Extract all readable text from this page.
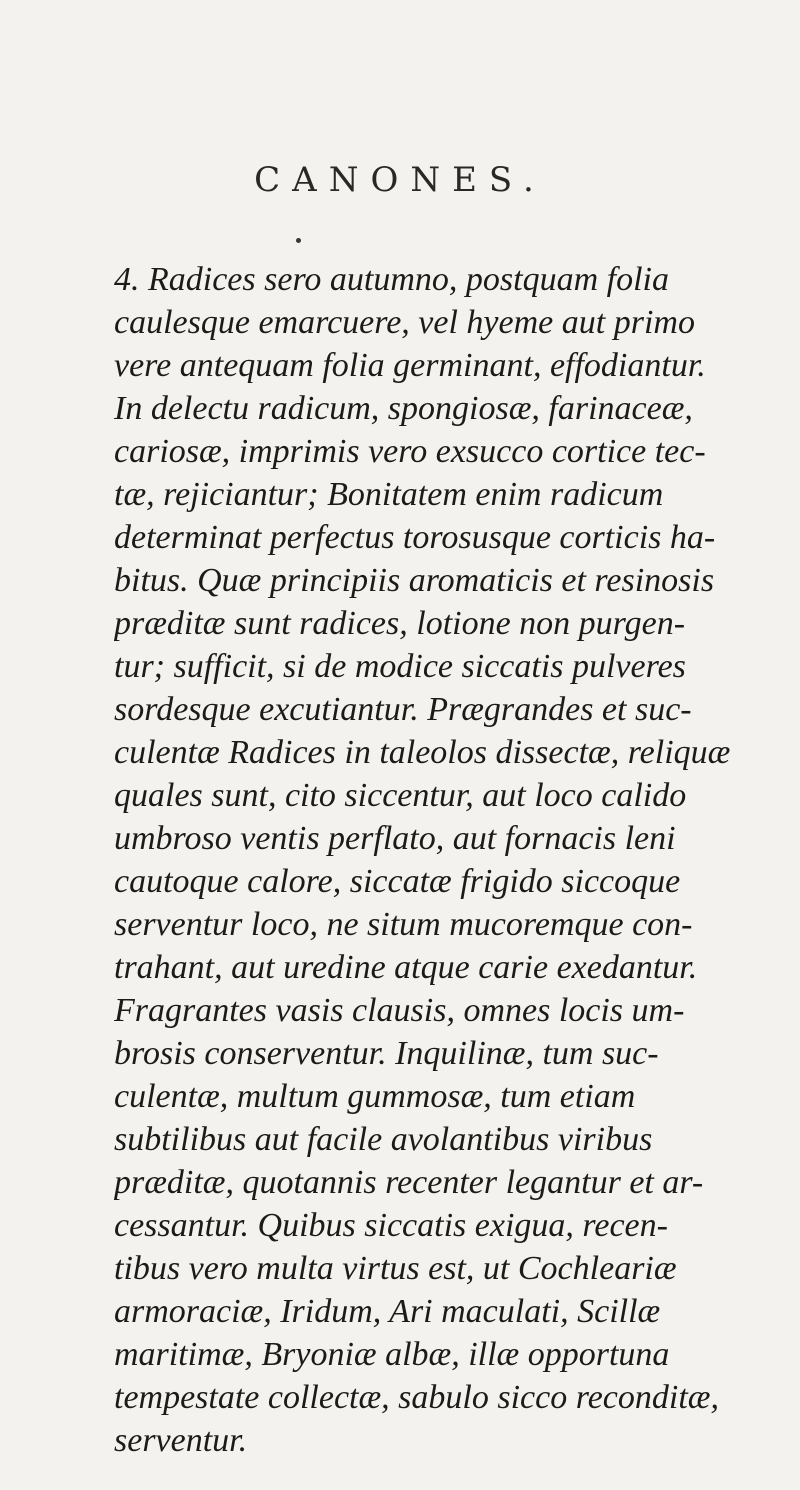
CANONES.

4. Radices sero autumno, postquam folia
caulesque emarcuere, vel hyeme aut primo
vere antequam folia germinant, effodiantur.
In delectu radicum, spongiosæ, farinaceæ,
cariosæ, imprimis vero exsucco cortice tec-
tæ, rejiciantur; Bonitatem enim radicum
determinat perfectus torosusque corticis ha-
bitus. Quæ principiis aromaticis et resinosis
præditæ sunt radices, lotione non purgen-
tur; sufficit, si de modice siccatis pulveres
sordesque excutiantur. Prægrandes et suc-
culentæ Radices in taleolos dissectæ, reliquæ
quales sunt, cito siccentur, aut loco calido
umbroso ventis perflato, aut fornacis leni
cautoque calore, siccatæ frigido siccoque
serventur loco, ne situm mucoremque con-
trahant, aut uredine atque carie exedantur.
Fragrantes vasis clausis, omnes locis um-
brosis conserventur. Inquilinæ, tum suc-
culentæ, multum gummosæ, tum etiam
subtilibus aut facile avolantibus viribus
præditæ, quotannis recenter legantur et ar-
cessantur. Quibus siccatis exigua, recen-
tibus vero multa virtus est, ut Cochleariæ
armoraciæ, Iridum, Ari maculati, Scillæ
maritimæ, Bryoniæ albæ, illæ opportuna
tempestate collectæ, sabulo sicco reconditæ,
serventur.
